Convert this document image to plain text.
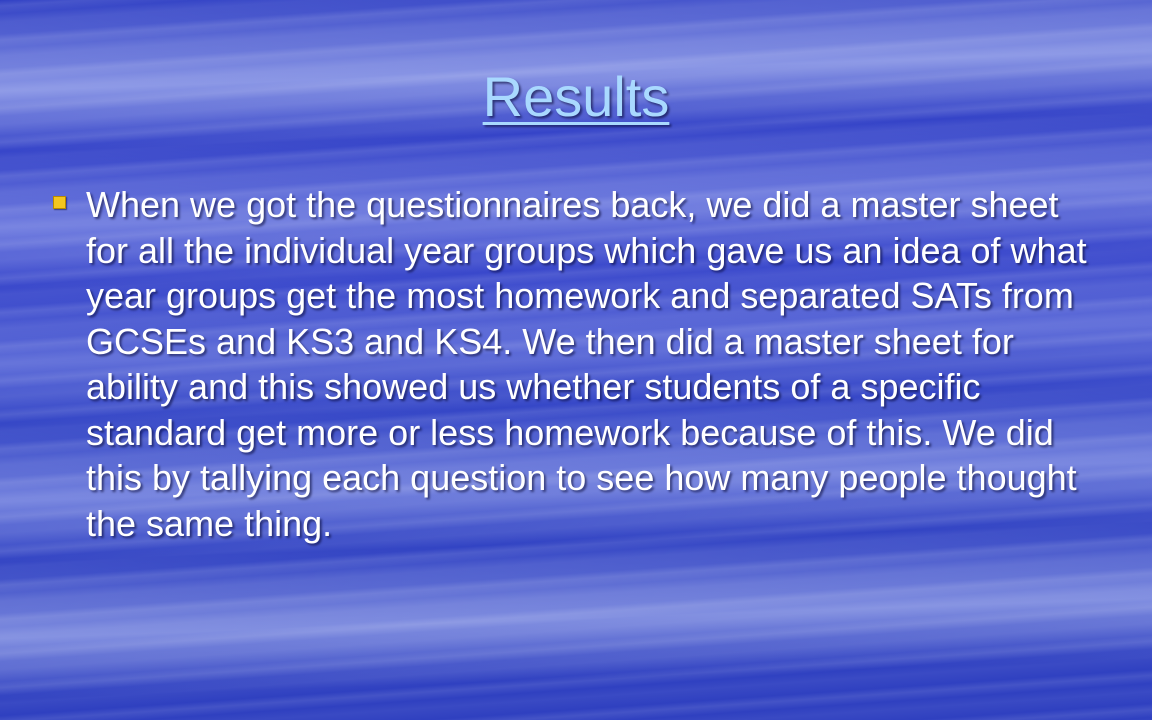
Results
When we got the questionnaires back, we did a master sheet for all the individual year groups which gave us an idea of what year groups get the most homework and separated SATs from GCSEs and KS3 and KS4. We then did a master sheet for ability and this showed us whether students of a specific standard get more or less homework because of this. We did this by tallying each question to see how many people thought the same thing.
